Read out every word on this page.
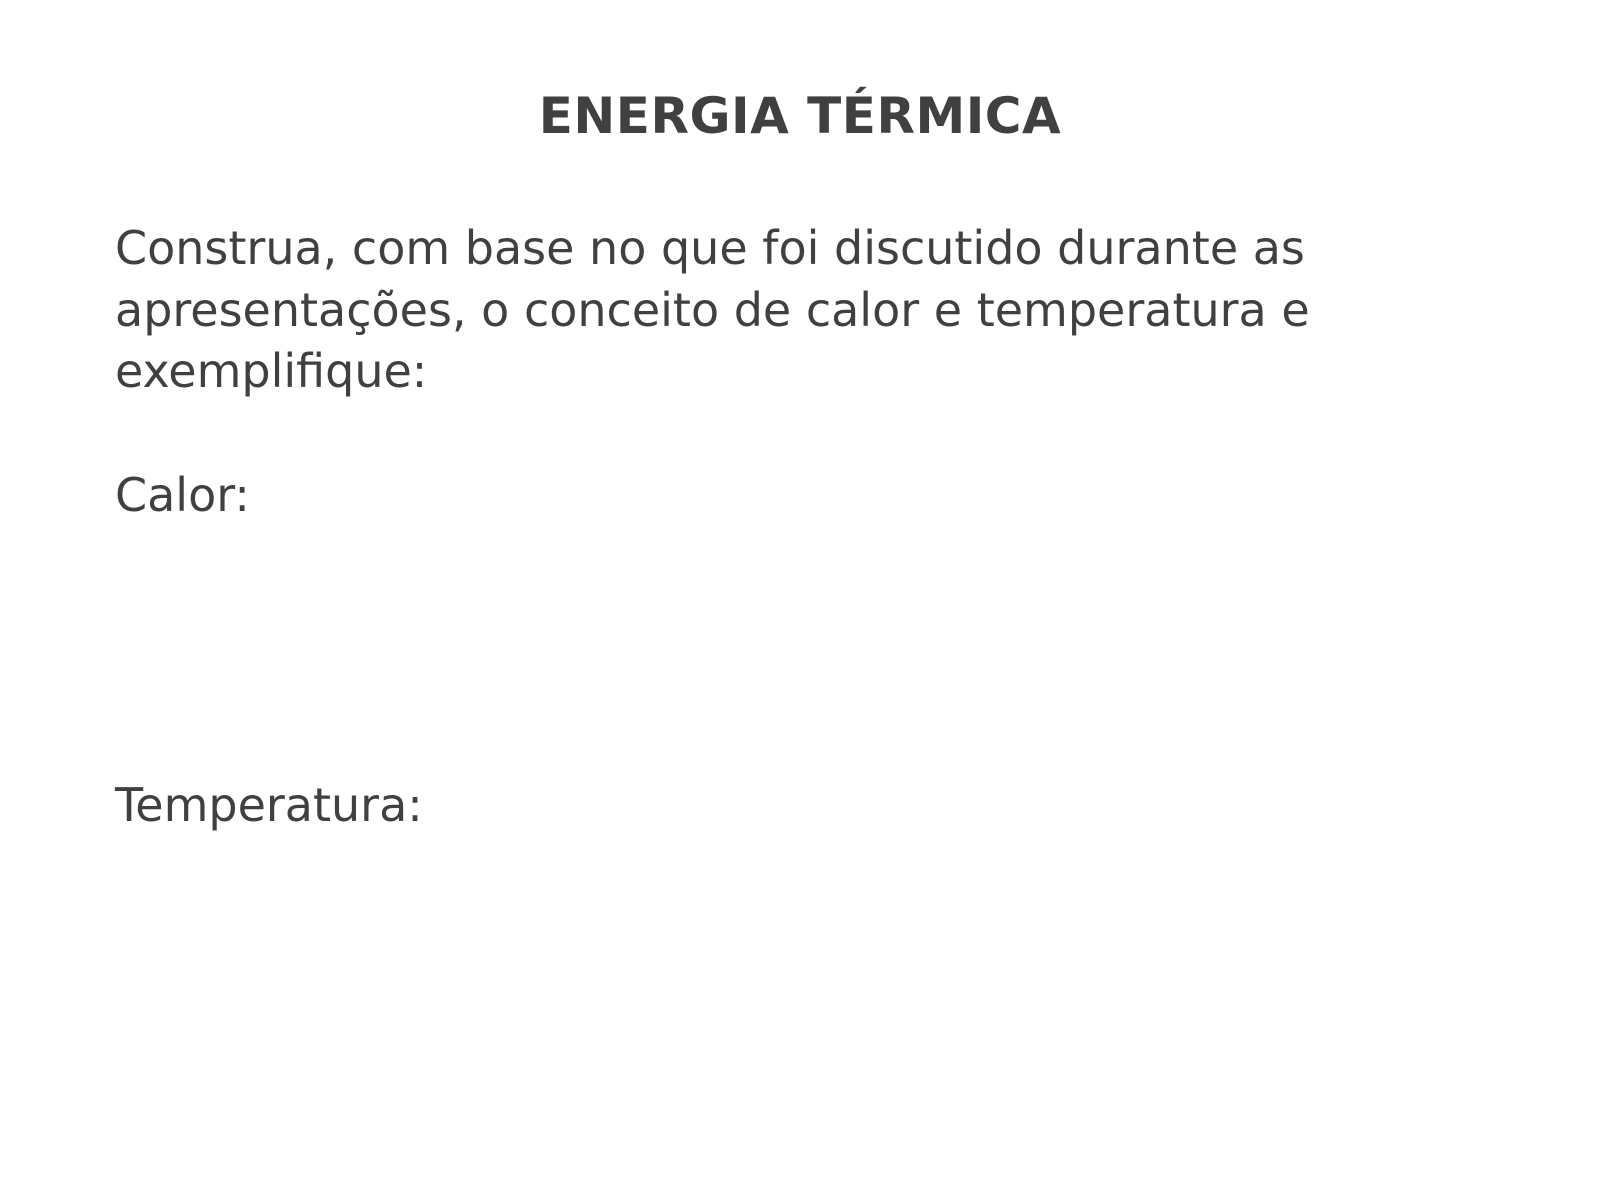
ENERGIA TÉRMICA
Construa, com base no que foi discutido durante as apresentações, o conceito de calor e temperatura e exemplifique:
Calor:
Temperatura:
